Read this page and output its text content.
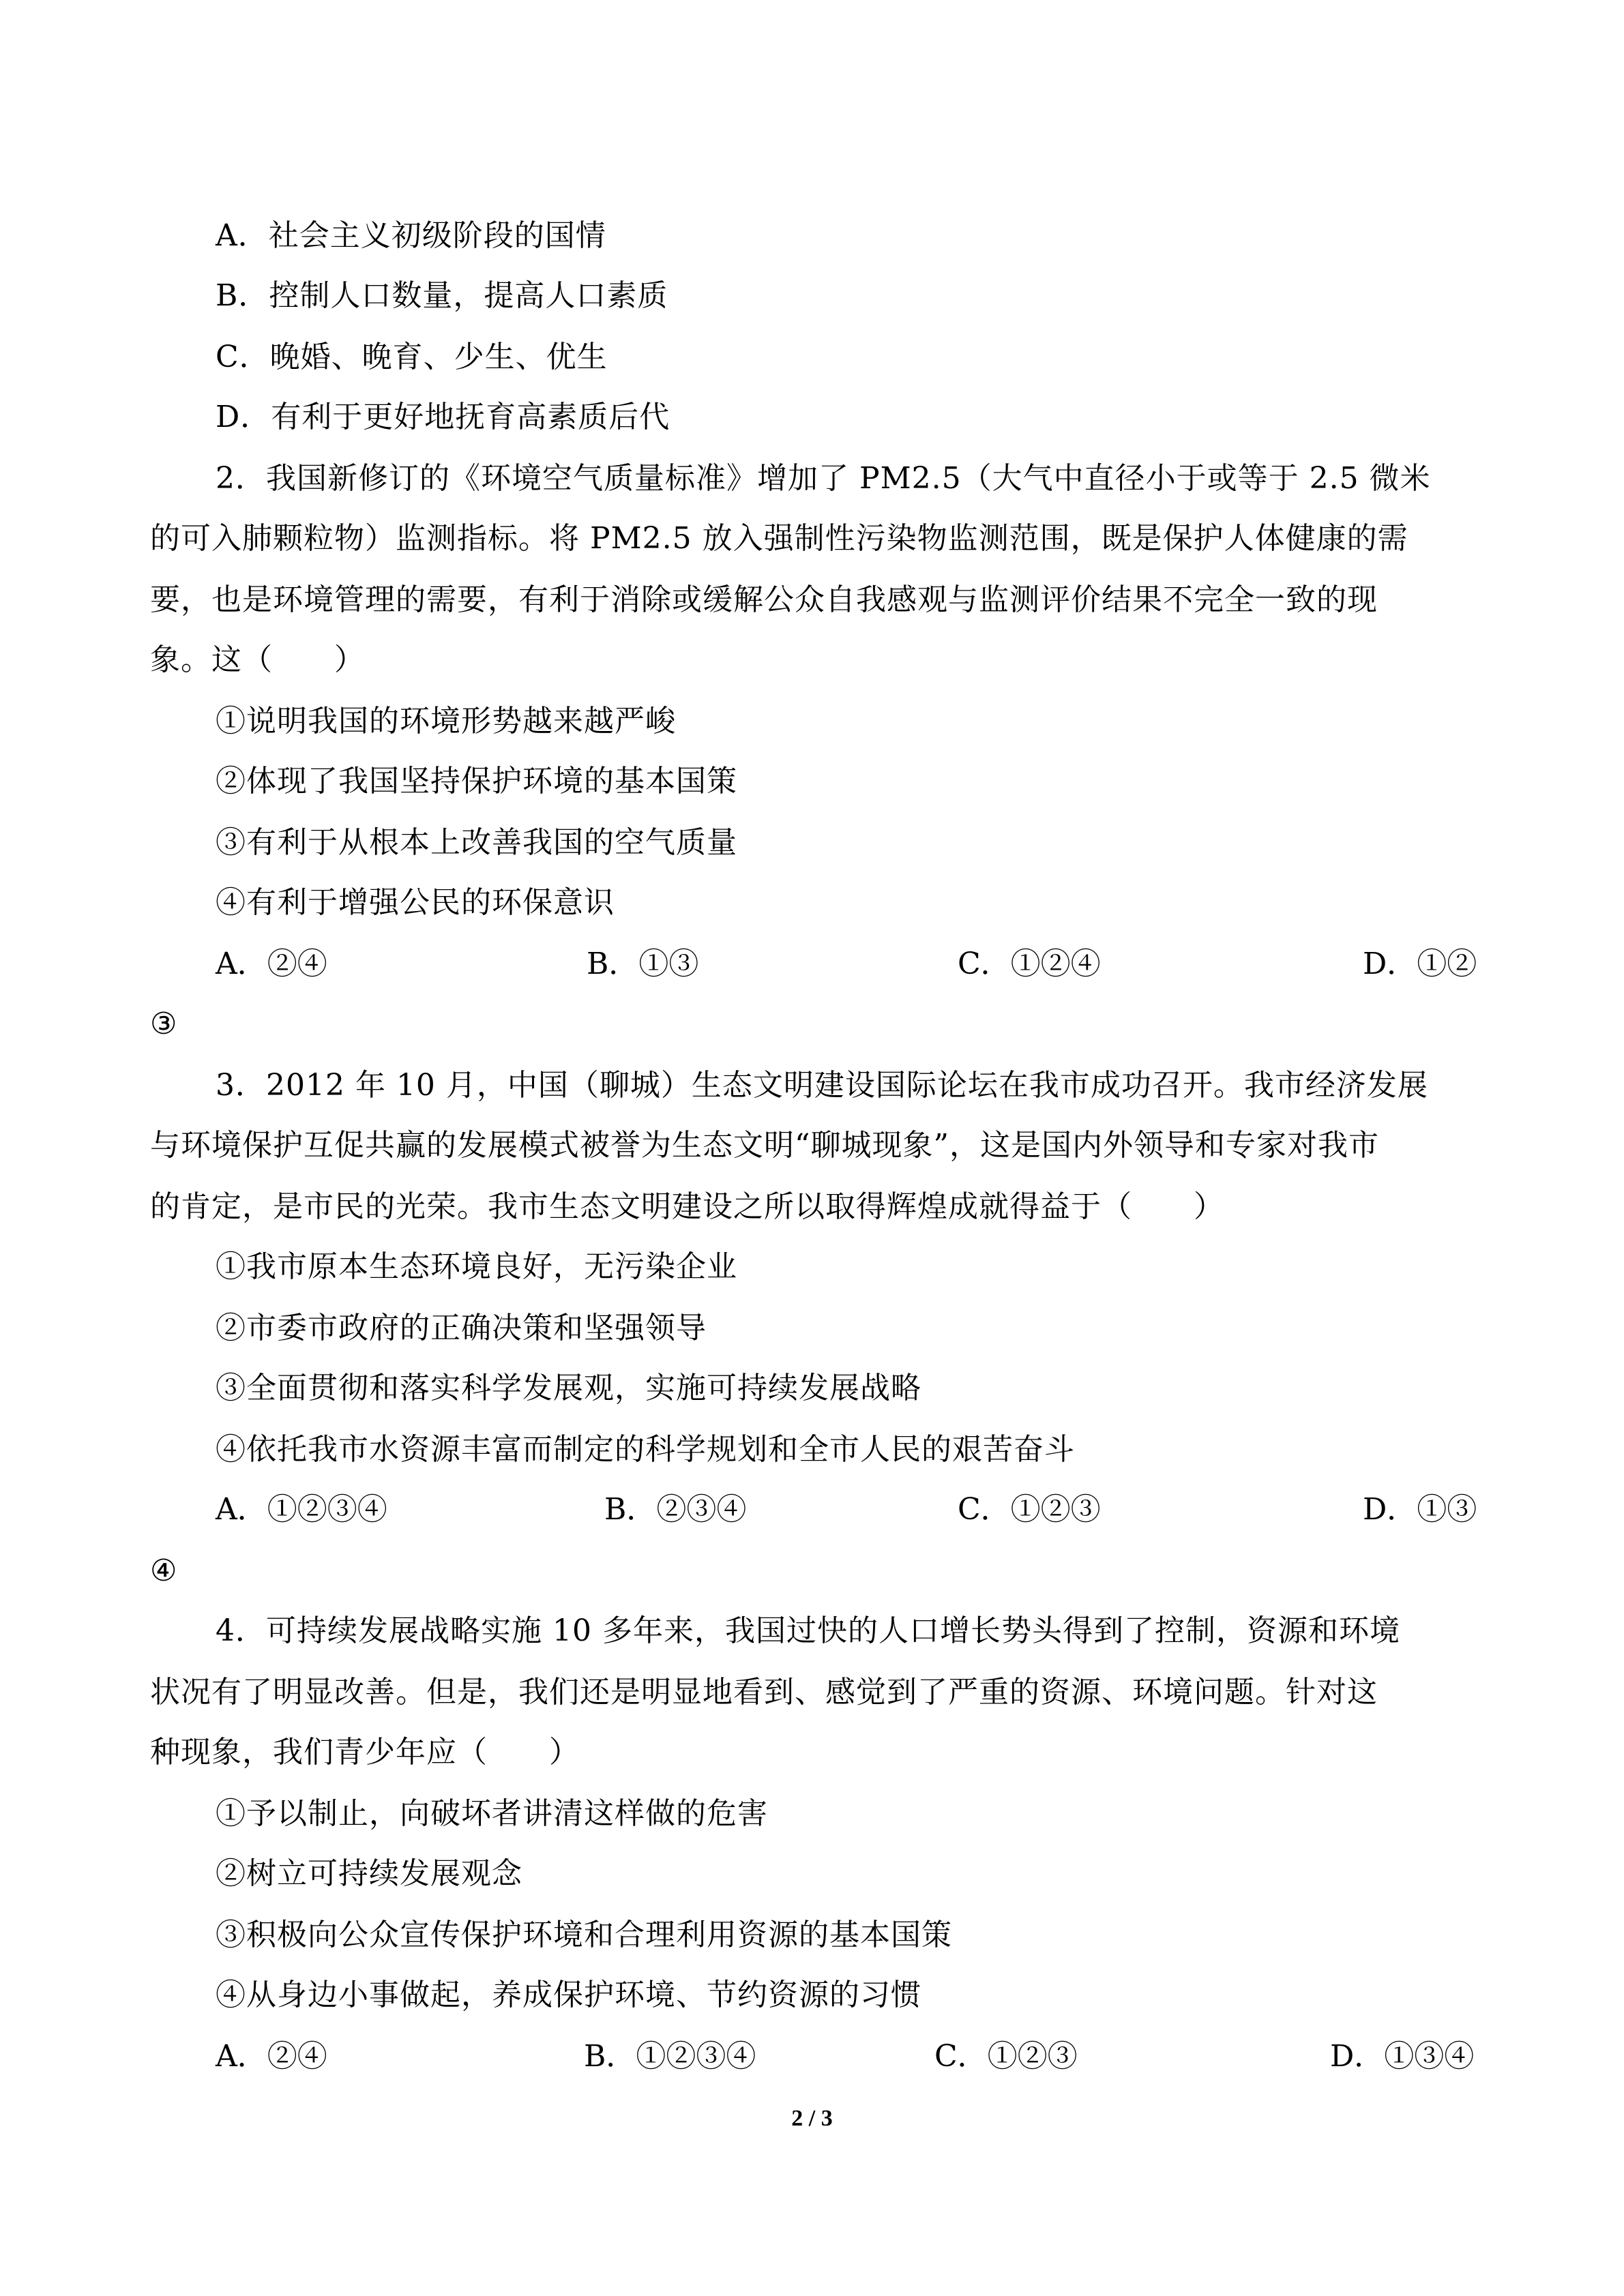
A．社会主义初级阶段的国情
B．控制人口数量，提高人口素质
C．晚婚、晚育、少生、优生
D．有利于更好地抚育高素质后代
2．我国新修订的《环境空气质量标准》增加了 PM2.5（大气中直径小于或等于 2.5 微米
的可入肺颗粒物）监测指标。将 PM2.5 放入强制性污染物监测范围，既是保护人体健康的需
要，也是环境管理的需要，有利于消除或缓解公众自我感观与监测评价结果不完全一致的现
象。这（　　）
①说明我国的环境形势越来越严峻
②体现了我国坚持保护环境的基本国策
③有利于从根本上改善我国的空气质量
④有利于增强公民的环保意识
A．②④	B．①③	C．①②④	D．①②
③
3．2012 年 10 月，中国（聊城）生态文明建设国际论坛在我市成功召开。我市经济发展
与环境保护互促共赢的发展模式被誉为生态文明“聊城现象”，这是国内外领导和专家对我市
的肯定，是市民的光荣。我市生态文明建设之所以取得辉煌成就得益于（　　）
①我市原本生态环境良好，无污染企业
②市委市政府的正确决策和坚强领导
③全面贯彻和落实科学发展观，实施可持续发展战略
④依托我市水资源丰富而制定的科学规划和全市人民的艰苦奋斗
A．①②③④	B．②③④	C．①②③	D．①③
④
4．可持续发展战略实施 10 多年来，我国过快的人口增长势头得到了控制，资源和环境
状况有了明显改善。但是，我们还是明显地看到、感觉到了严重的资源、环境问题。针对这
种现象，我们青少年应（　　）
①予以制止，向破坏者讲清这样做的危害
②树立可持续发展观念
③积极向公众宣传保护环境和合理利用资源的基本国策
④从身边小事做起，养成保护环境、节约资源的习惯
A．②④	B．①②③④	C．①②③	D．①③④
2 / 3
